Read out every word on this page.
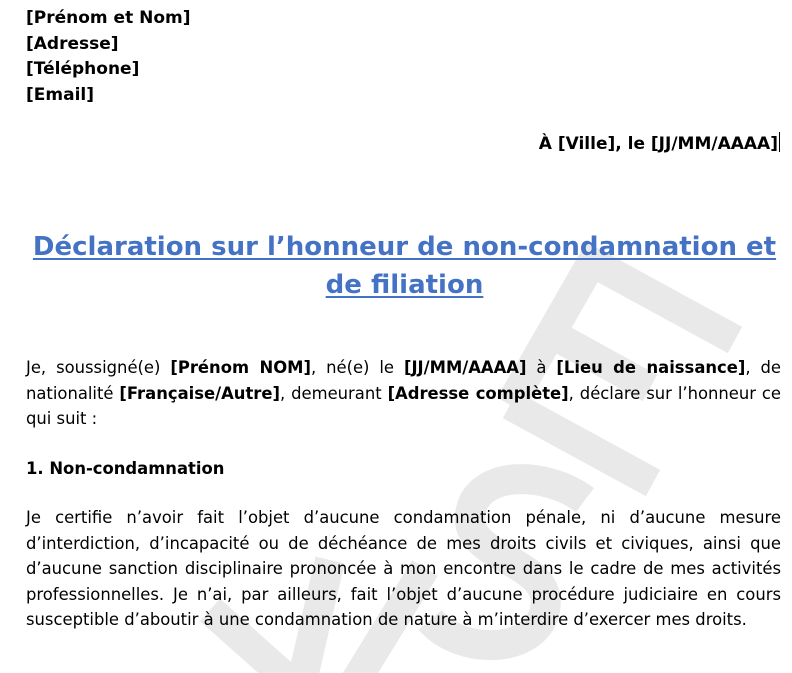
[Prénom et Nom]
[Adresse]
[Téléphone]
[Email]
À [Ville], le [JJ/MM/AAAA]
Déclaration sur l’honneur de non-condamnation et de filiation
Je, soussigné(e) [Prénom NOM], né(e) le [JJ/MM/AAAA] à [Lieu de naissance], de nationalité [Française/Autre], demeurant [Adresse complète], déclare sur l’honneur ce qui suit :
1. Non-condamnation
Je certifie n’avoir fait l’objet d’aucune condamnation pénale, ni d’aucune mesure d’interdiction, d’incapacité ou de déchéance de mes droits civils et civiques, ainsi que d’aucune sanction disciplinaire prononcée à mon encontre dans le cadre de mes activités professionnelles. Je n’ai, par ailleurs, fait l’objet d’aucune procédure judiciaire en cours susceptible d’aboutir à une condamnation de nature à m’interdire d’exercer mes droits.
